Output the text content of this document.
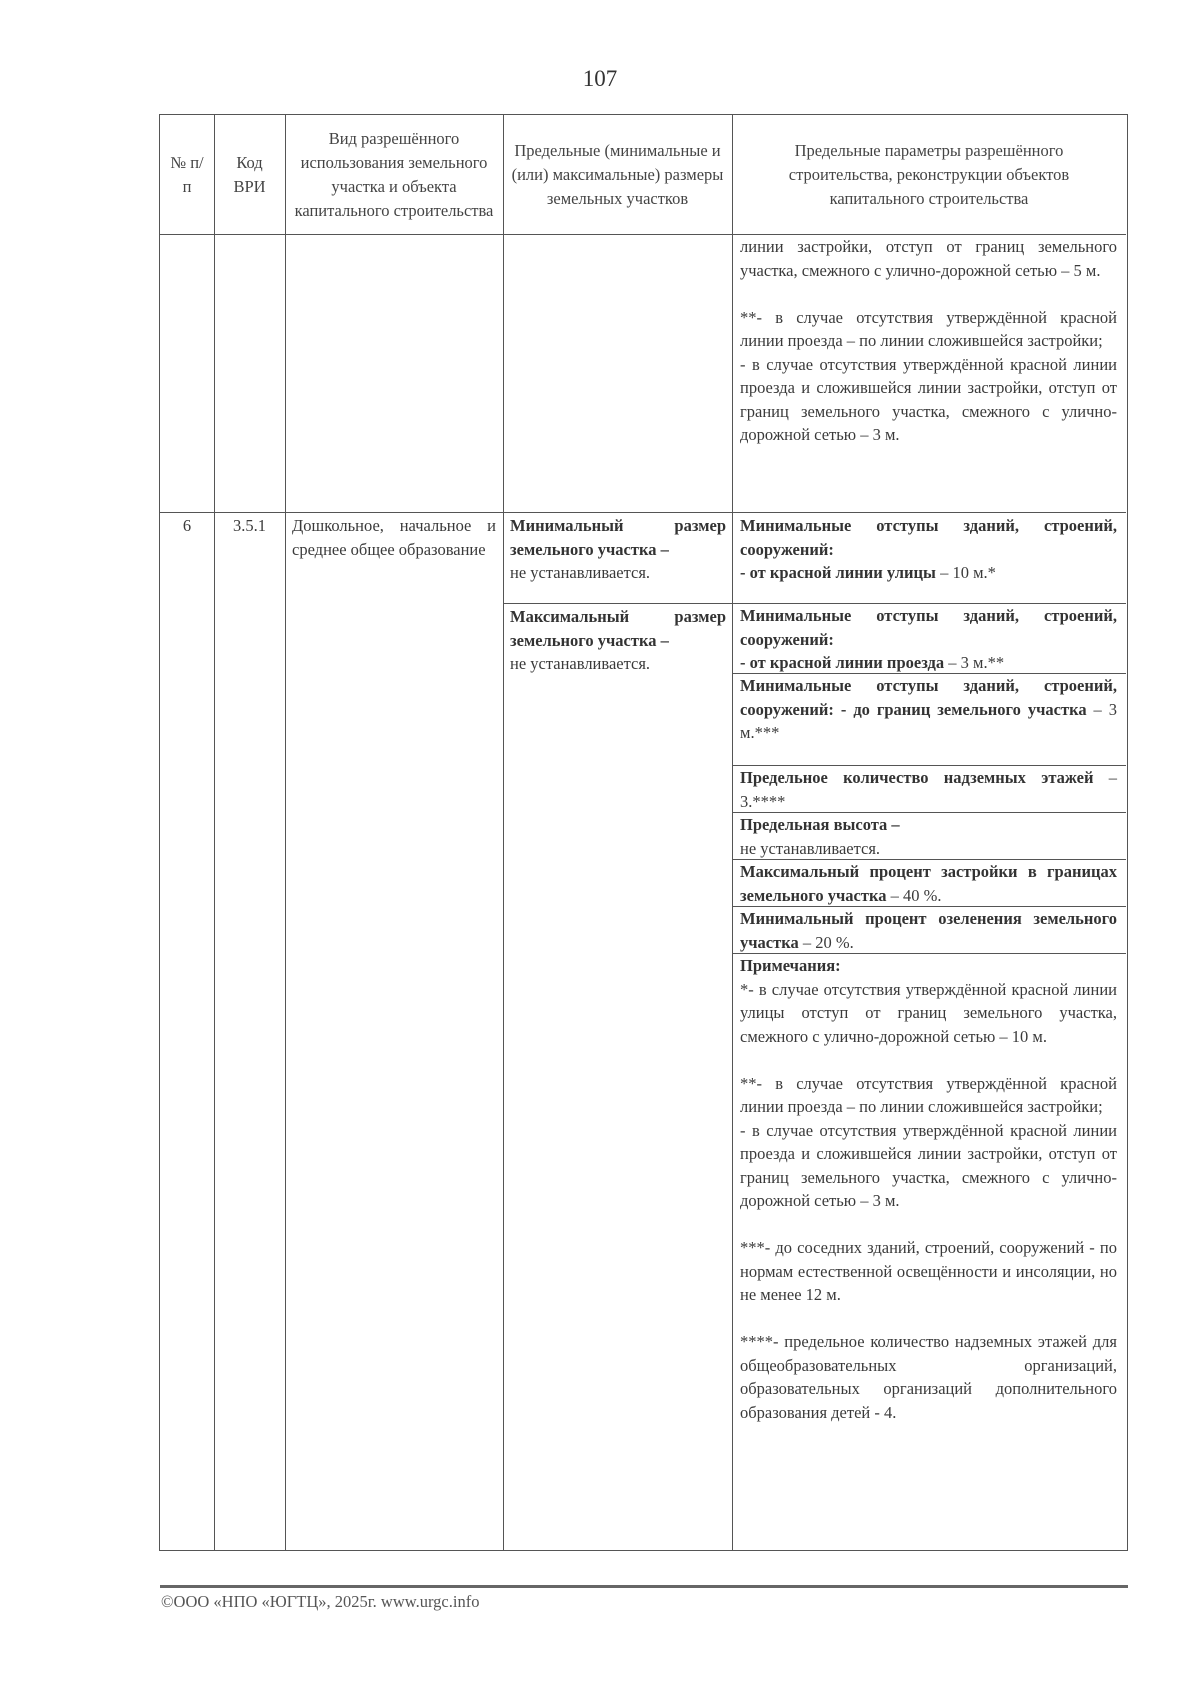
107
№ п/п
Код ВРИ
Вид разрешённого использования земельного участка и объекта капитального строительства
Предельные (минимальные и (или) максимальные) размеры земельных участков
Предельные параметры разрешённого строительства, реконструкции объектов капитального строительства
линии застройки, отступ от границ земельного участка, смежного с улично-дорожной сетью – 5 м.
**- в случае отсутствия утверждённой красной линии проезда – по линии сложившейся застройки;
- в случае отсутствия утверждённой красной линии проезда и сложившейся линии застройки, отступ от границ земельного участка, смежного с улично-дорожной сетью – 3 м.
6	3.5.1	Дошкольное, начальное и среднее общее образование
Минимальный размер земельного участка –
не устанавливается.
Максимальный размер земельного участка –
не устанавливается.
Минимальные отступы зданий, строений, сооружений:
- от красной линии улицы – 10 м.*
Минимальные отступы зданий, строений, сооружений:
- от красной линии проезда – 3 м.**
Минимальные отступы зданий, строений, сооружений: - до границ земельного участка – 3 м.***
Предельное количество надземных этажей – 3.****
Предельная высота –
не устанавливается.
Максимальный процент застройки в границах земельного участка – 40 %.
Минимальный процент озеленения земельного участка – 20 %.
Примечания:
*- в случае отсутствия утверждённой красной линии улицы отступ от границ земельного участка, смежного с улично-дорожной сетью – 10 м.
**- в случае отсутствия утверждённой красной линии проезда – по линии сложившейся застройки;
- в случае отсутствия утверждённой красной линии проезда и сложившейся линии застройки, отступ от границ земельного участка, смежного с улично-дорожной сетью – 3 м.
***- до соседних зданий, строений, сооружений - по нормам естественной освещённости и инсоляции, но не менее 12 м.
****- предельное количество надземных этажей для общеобразовательных организаций, образовательных организаций дополнительного образования детей - 4.
©ООО «НПО «ЮГТЦ», 2025г. www.urgc.info
